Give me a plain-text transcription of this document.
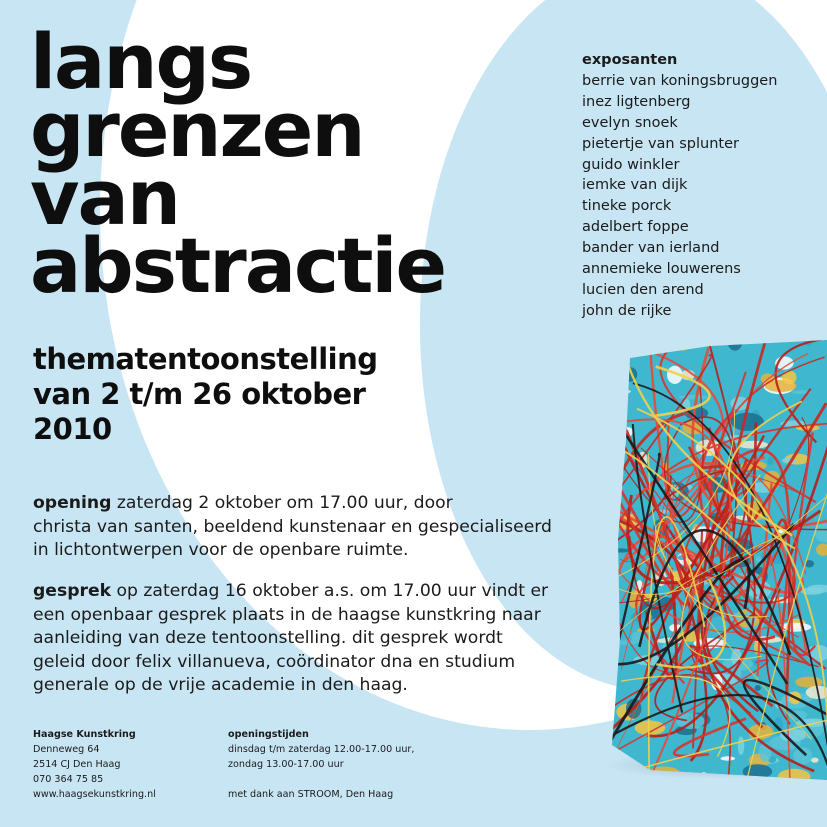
langs
grenzen
van
abstractie
thematentoonstelling
van 2 t/m 26 oktober
2010
exposanten
berrie van koningsbruggen
inez ligtenberg
evelyn snoek
pietertje van splunter
guido winkler
iemke van dijk
tineke porck
adelbert foppe
bander van ierland
annemieke louwerens
lucien den arend
john de rijke

opening zaterdag 2 oktober om 17.00 uur, door
christa van santen, beeldend kunstenaar en gespecialiseerd
in lichtontwerpen voor de openbare ruimte.

gesprek op zaterdag 16 oktober a.s. om 17.00 uur vindt er
een openbaar gesprek plaats in de haagse kunstkring naar
aanleiding van deze tentoonstelling. dit gesprek wordt
geleid door felix villanueva, coördinator dna en studium
generale op de vrije academie in den haag.

Haagse Kunstkring
Denneweg 64
2514 CJ Den Haag
070 364 75 85
www.haagsekunstkring.nl
openingstijden
dinsdag t/m zaterdag 12.00-17.00 uur,
zondag 13.00-17.00 uur
met dank aan STROOM, Den Haag
